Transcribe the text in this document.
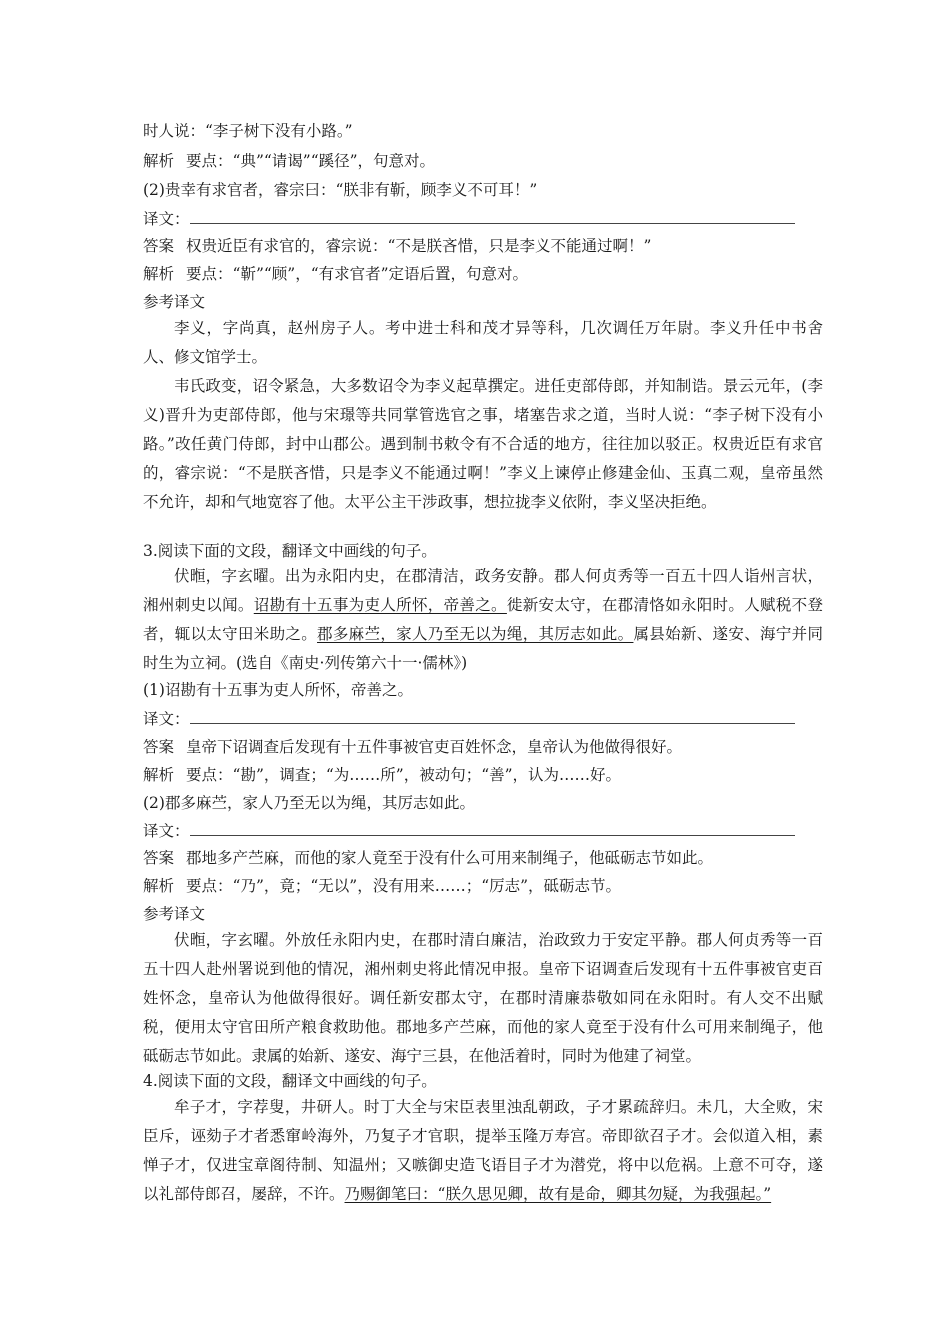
时人说：“李子树下没有小路。”
解析 要点：“典”“请谒”“蹊径”，句意对。
(2)贵幸有求官者，睿宗曰：“朕非有靳，顾李义不可耳！”
译文：
答案 权贵近臣有求官的，睿宗说：“不是朕吝惜，只是李义不能通过啊！”
解析 要点：“靳”“顾”，“有求官者”定语后置，句意对。
参考译文

李义，字尚真，赵州房子人。考中进士科和茂才异等科，几次调任万年尉。李义升任中书舍人、修文馆学士。

韦氏政变，诏令紧急，大多数诏令为李义起草撰定。进任吏部侍郎，并知制诰。景云元年，(李义)晋升为吏部侍郎，他与宋璟等共同掌管选官之事，堵塞告求之道，当时人说：“李子树下没有小路。”改任黄门侍郎，封中山郡公。遇到制书敕令有不合适的地方，往往加以驳正。权贵近臣有求官的，睿宗说：“不是朕吝惜，只是李义不能通过啊！”李义上谏停止修建金仙、玉真二观，皇帝虽然不允许，却和气地宽容了他。太平公主干涉政事，想拉拢李义依附，李义坚决拒绝。

3.阅读下面的文段，翻译文中画线的句子。

伏暅，字玄曜。出为永阳内史，在郡清洁，政务安静。郡人何贞秀等一百五十四人诣州言状，湘州刺史以闻。诏勘有十五事为吏人所怀，帝善之。徙新安太守，在郡清恪如永阳时。人赋税不登者，辄以太守田米助之。郡多麻苎，家人乃至无以为绳，其厉志如此。属县始新、遂安、海宁并同时生为立祠。(选自《南史·列传第六十一·儒林》)

(1)诏勘有十五事为吏人所怀，帝善之。
译文：
答案 皇帝下诏调查后发现有十五件事被官吏百姓怀念，皇帝认为他做得很好。
解析 要点：“勘”，调查；“为……所”，被动句；“善”，认为……好。
(2)郡多麻苎，家人乃至无以为绳，其厉志如此。
译文：
答案 郡地多产苎麻，而他的家人竟至于没有什么可用来制绳子，他砥砺志节如此。
解析 要点：“乃”，竟；“无以”，没有用来……；“厉志”，砥砺志节。
参考译文

伏暅，字玄曜。外放任永阳内史，在郡时清白廉洁，治政致力于安定平静。郡人何贞秀等一百五十四人赴州署说到他的情况，湘州刺史将此情况申报。皇帝下诏调查后发现有十五件事被官吏百姓怀念，皇帝认为他做得很好。调任新安郡太守，在郡时清廉恭敬如同在永阳时。有人交不出赋税，便用太守官田所产粮食救助他。郡地多产苎麻，而他的家人竟至于没有什么可用来制绳子，他砥砺志节如此。隶属的始新、遂安、海宁三县，在他活着时，同时为他建了祠堂。

4.阅读下面的文段，翻译文中画线的句子。

牟子才，字荐叟，井研人。时丁大全与宋臣表里浊乱朝政，子才累疏辞归。未几，大全败，宋臣斥，诬劾子才者悉窜岭海外，乃复子才官职，提举玉隆万寿宫。帝即欲召子才。会似道入相，素惮子才，仅进宝章阁待制、知温州；又嗾御史造飞语目子才为潜党，将中以危祸。上意不可夺，遂以礼部侍郎召，屡辞，不许。乃赐御笔曰：“朕久思见卿，故有是命，卿其勿疑，为我强起。”
